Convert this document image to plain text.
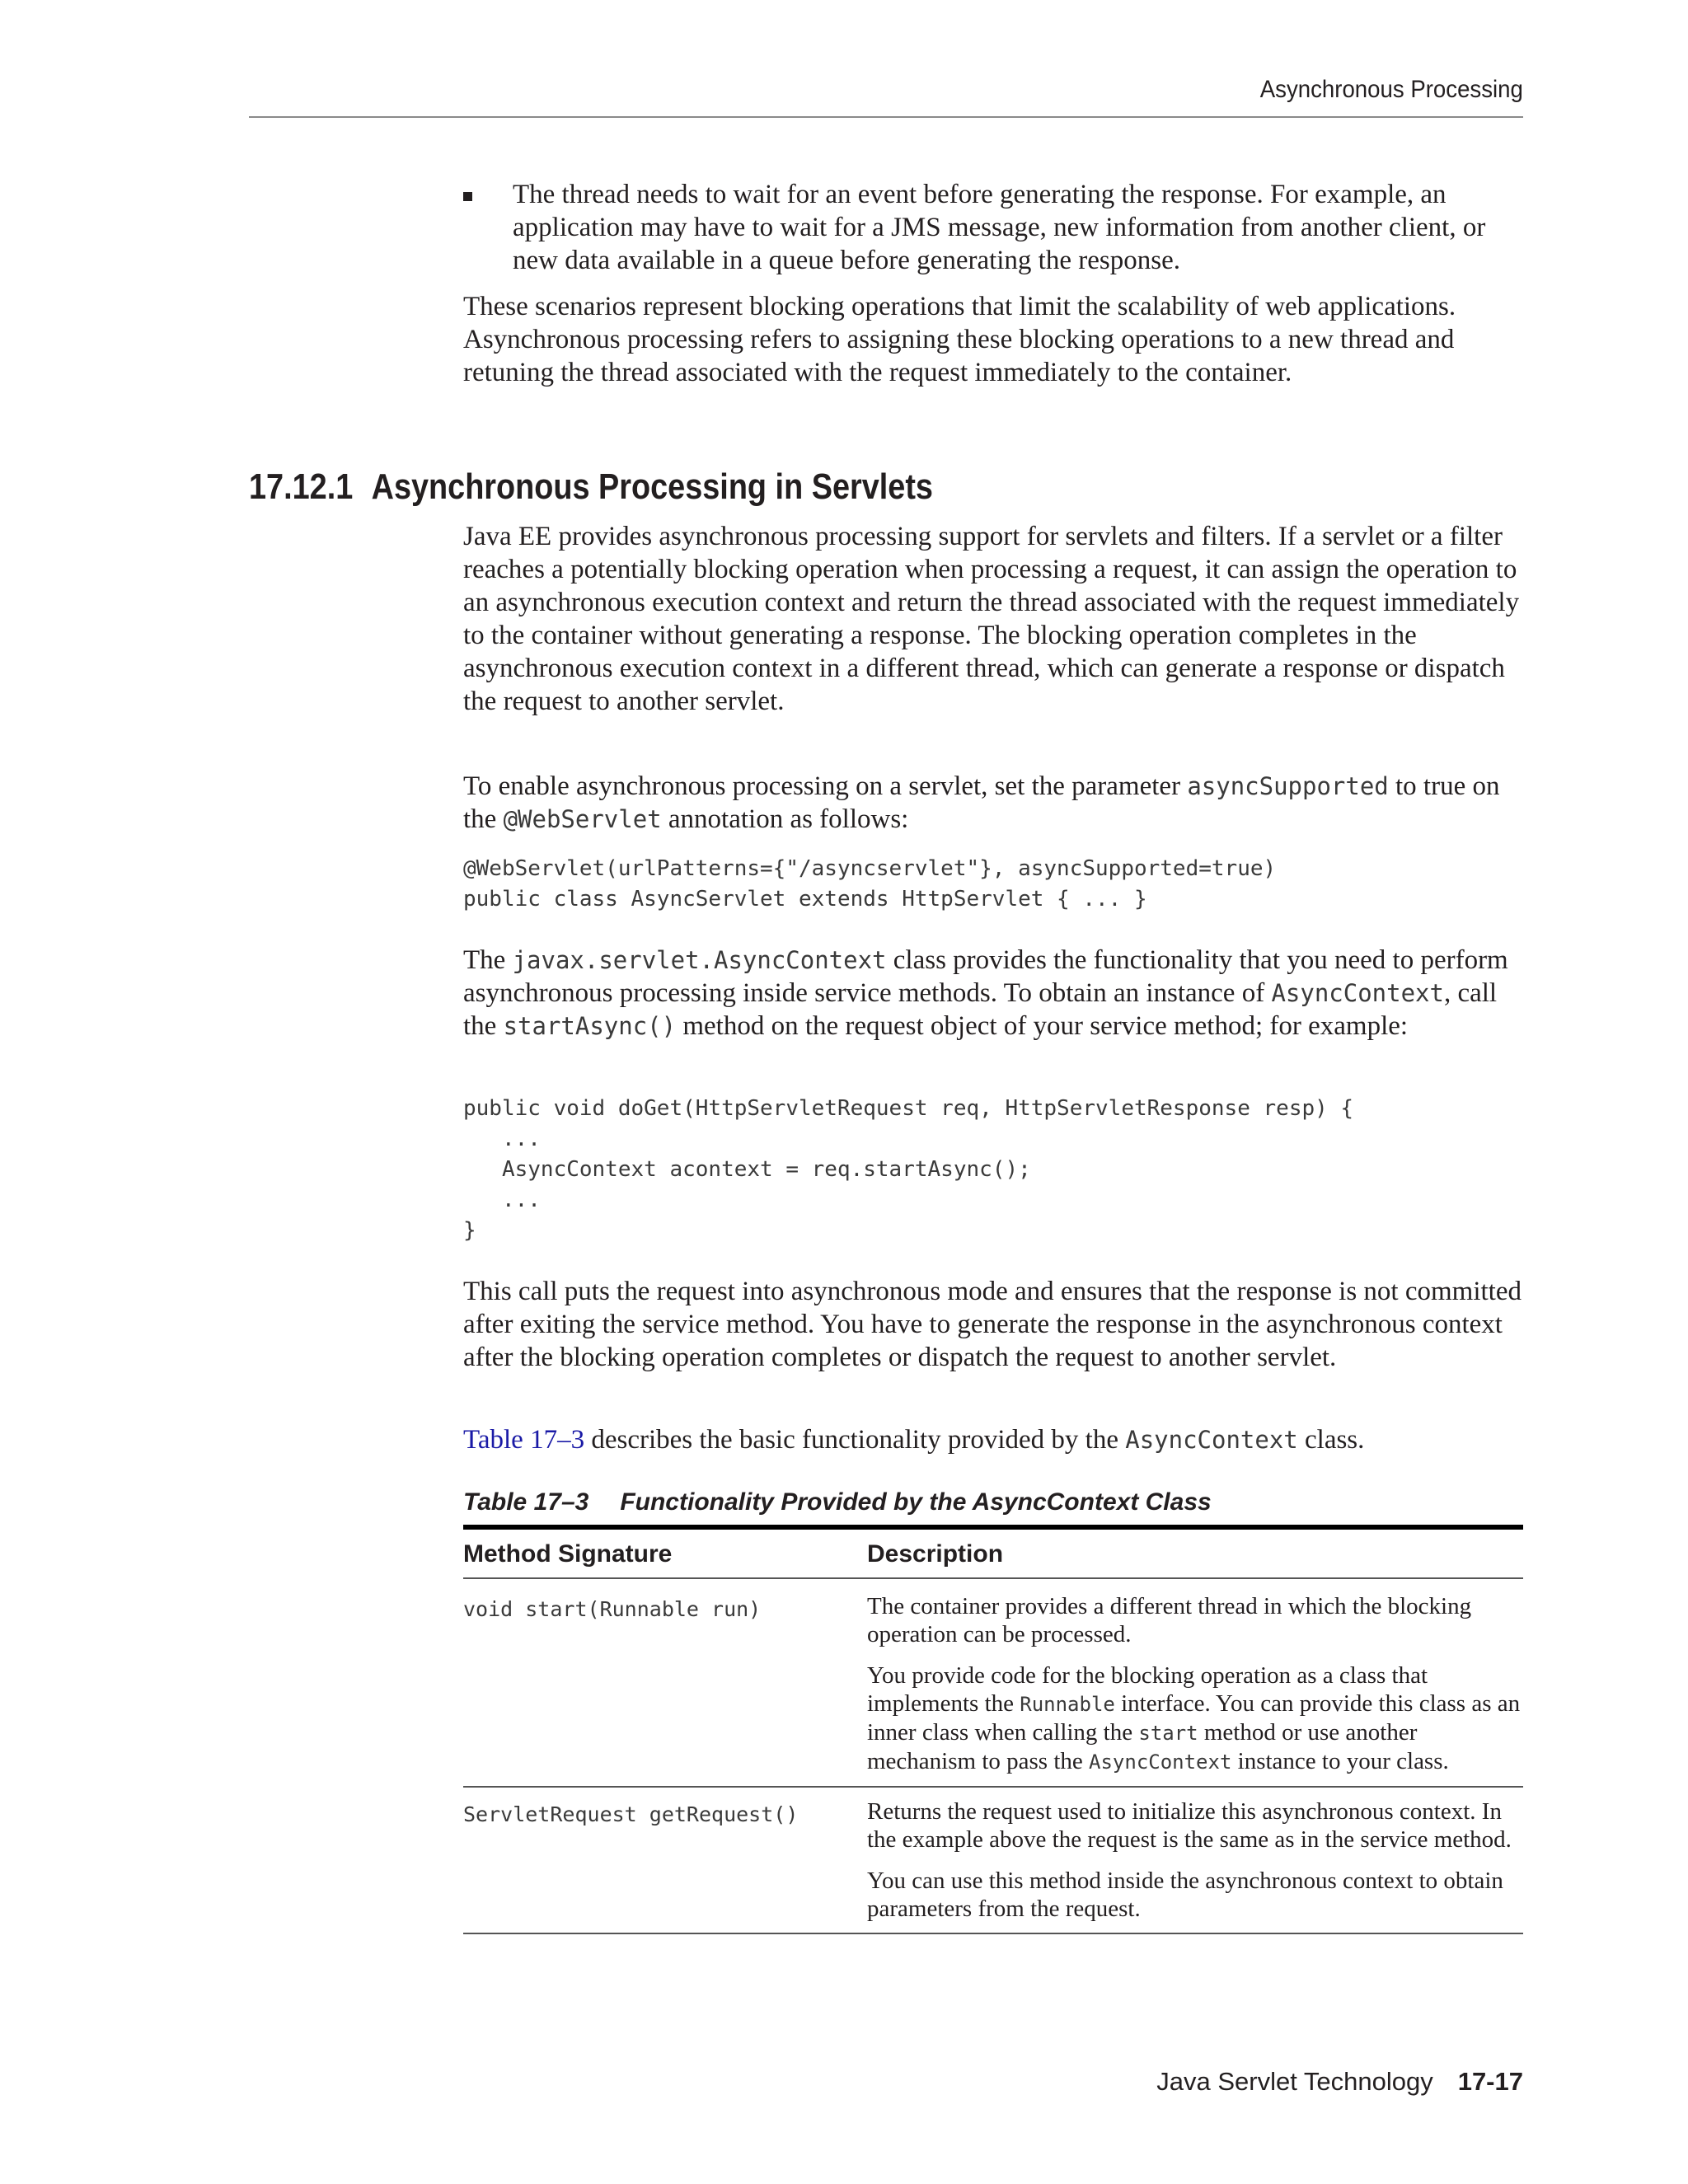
Asynchronous Processing

The thread needs to wait for an event before generating the response. For example, an application may have to wait for a JMS message, new information from another client, or new data available in a queue before generating the response.

These scenarios represent blocking operations that limit the scalability of web applications. Asynchronous processing refers to assigning these blocking operations to a new thread and retuning the thread associated with the request immediately to the container.

17.12.1 Asynchronous Processing in Servlets

Java EE provides asynchronous processing support for servlets and filters. If a servlet or a filter reaches a potentially blocking operation when processing a request, it can assign the operation to an asynchronous execution context and return the thread associated with the request immediately to the container without generating a response. The blocking operation completes in the asynchronous execution context in a different thread, which can generate a response or dispatch the request to another servlet.

To enable asynchronous processing on a servlet, set the parameter asyncSupported to true on the @WebServlet annotation as follows:

@WebServlet(urlPatterns={"/asyncservlet"}, asyncSupported=true)
public class AsyncServlet extends HttpServlet { ... }

The javax.servlet.AsyncContext class provides the functionality that you need to perform asynchronous processing inside service methods. To obtain an instance of AsyncContext, call the startAsync() method on the request object of your service method; for example:

public void doGet(HttpServletRequest req, HttpServletResponse resp) {
...
AsyncContext acontext = req.startAsync();
...
}

This call puts the request into asynchronous mode and ensures that the response is not committed after exiting the service method. You have to generate the response in the asynchronous context after the blocking operation completes or dispatch the request to another servlet.

Table 17–3 describes the basic functionality provided by the AsyncContext class.

Table 17–3 Functionality Provided by the AsyncContext Class
Method Signature	Description
void start(Runnable run)	The container provides a different thread in which the blocking operation can be processed.

You provide code for the blocking operation as a class that implements the Runnable interface. You can provide this class as an inner class when calling the start method or use another mechanism to pass the AsyncContext instance to your class.

ServletRequest getRequest()	Returns the request used to initialize this asynchronous context. In the example above the request is the same as in the service method.

You can use this method inside the asynchronous context to obtain parameters from the request.

Java Servlet Technology 17-17
